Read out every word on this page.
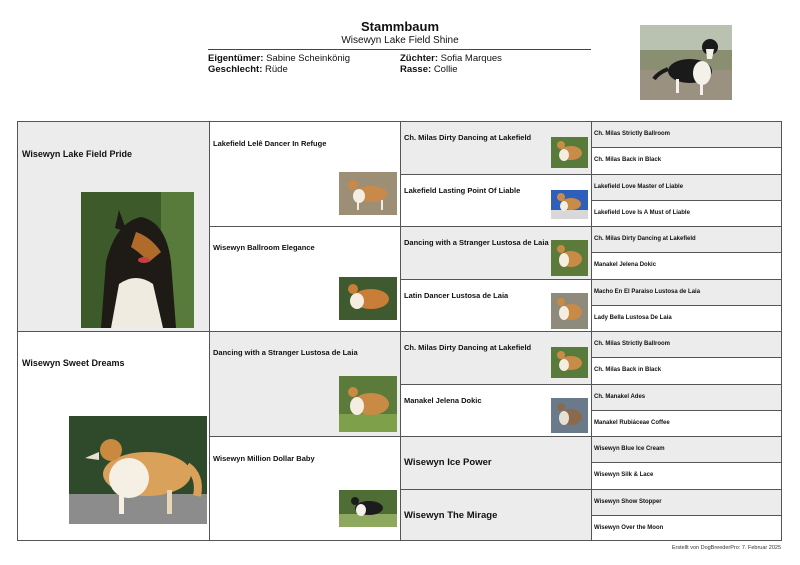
Stammbaum
Wisewyn Lake Field Shine
Eigentümer: Sabine Scheinkönig
Geschlecht: Rüde
Züchter: Sofia Marques
Rasse: Collie
Wisewyn Lake Field Pride
Wisewyn Sweet Dreams
Lakefield Lelê Dancer In Refuge
Wisewyn Ballroom Elegance
Dancing with a Stranger Lustosa de Laia
Wisewyn Million Dollar Baby
Ch. Milas Dirty Dancing at Lakefield
Lakefield Lasting Point Of Liable
Dancing with a Stranger Lustosa de Laia
Latin Dancer Lustosa de Laia
Ch. Milas Dirty Dancing at Lakefield
Manakel Jelena Dokic
Wisewyn Ice Power
Wisewyn The Mirage
Ch. Milas Strictly Ballroom
Ch. Milas Back in Black
Lakefield Love Master of Liable
Lakefield Love Is A Must of Liable
Ch. Milas Dirty Dancing at Lakefield
Manakel Jelena Dokic
Macho En El Paraiso Lustosa de Laia
Lady Bella Lustosa De Laia
Ch. Milas Strictly Ballroom
Ch. Milas Back in Black
Ch. Manakel Ades
Manakel Rubiáceae Coffee
Wisewyn Blue Ice Cream
Wisewyn Silk & Lace
Wisewyn Show Stopper
Wisewyn Over the Moon
Erstellt von DogBreederPro: 7. Februar 2025
